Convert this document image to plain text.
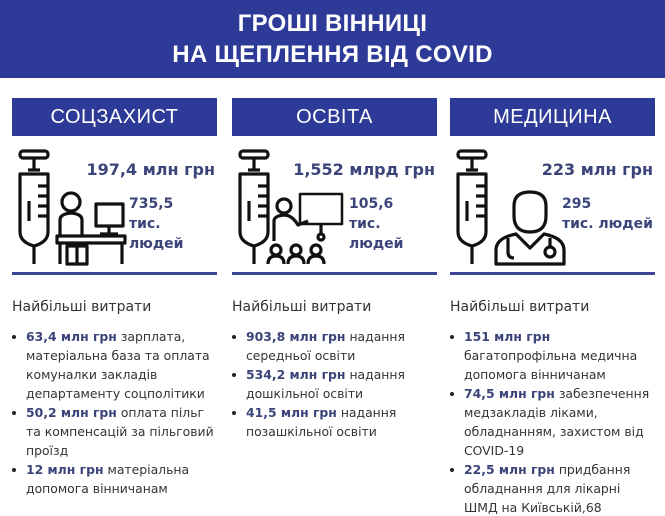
ГРОШІ ВІННИЦІ
НА ЩЕПЛЕННЯ ВІД COVID
СОЦЗАХИСТ
197,4 млн грн
735,5
тис. людей
Найбільші витрати
63,4 млн грн зарплата, матеріальна база та оплата комуналки закладів департаменту соцполітики
50,2 млн грн оплата пільг та компенсацій за пільговий проїзд
12 млн грн матеріальна допомога вінничанам
ОСВІТА
1,552 млрд грн
105,6
тис. людей
Найбільші витрати
903,8 млн грн надання середньої освіти
534,2 млн грн надання дошкільної освіти
41,5 млн грн надання позашкільної освіти
МЕДИЦИНА
223 млн грн
295
тис. людей
Найбільші витрати
151 млн грн багатопрофільна медична допомога вінничанам
74,5 млн грн забезпечення медзакладів ліками, обладнанням, захистом від COVID-19
22,5 млн грн придбання обладнання для лікарні ШМД на Київській,68
